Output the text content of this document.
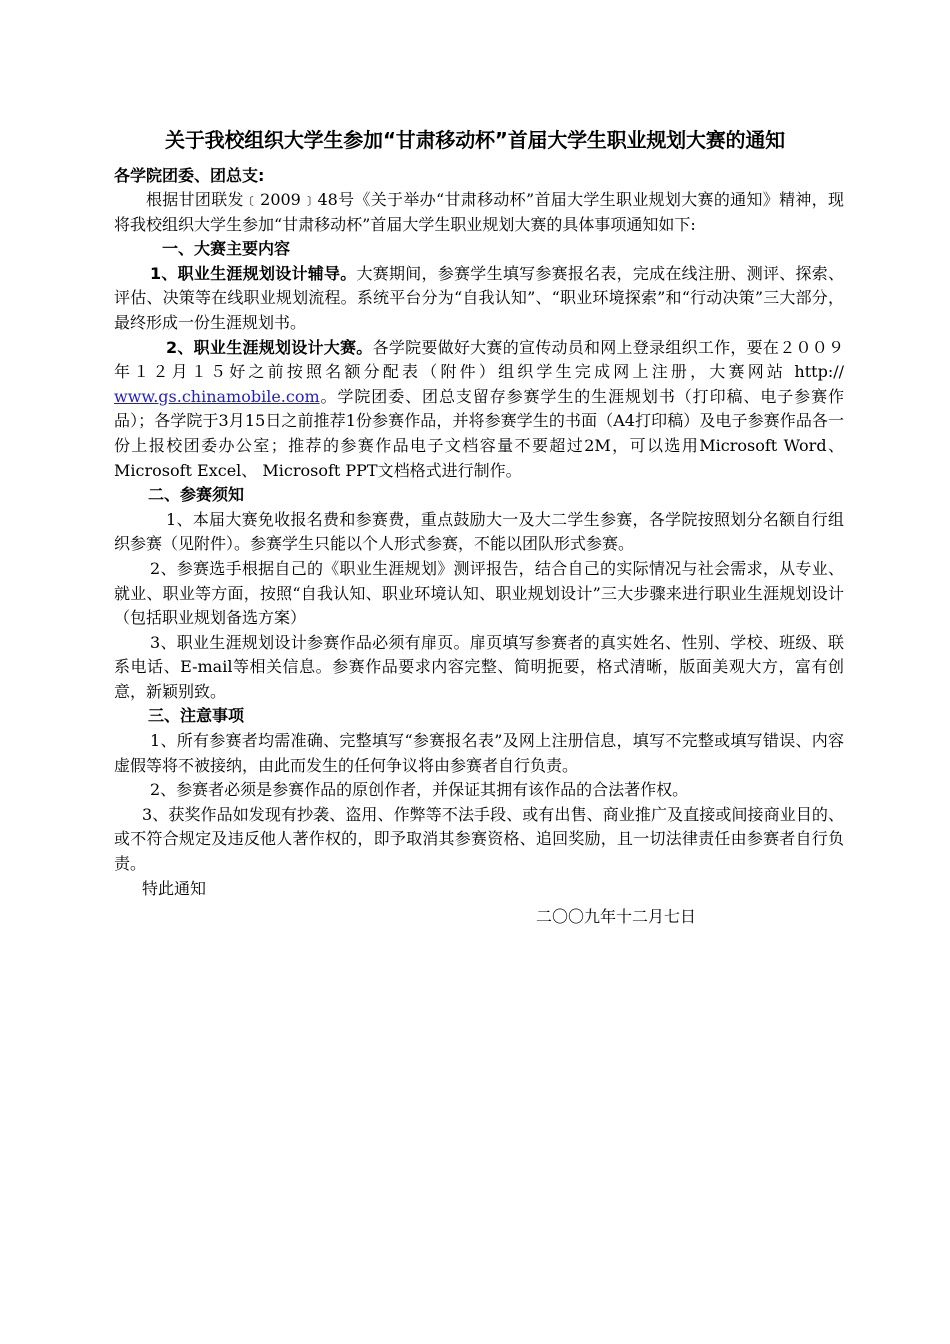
关于我校组织大学生参加“甘肃移动杯”首届大学生职业规划大赛的通知
各学院团委、团总支:

根据甘团联发﹝2009﹞48号《关于举办“甘肃移动杯”首届大学生职业规划大赛的通知》精神，现将我校组织大学生参加“甘肃移动杯”首届大学生职业规划大赛的具体事项通知如下:

一、大赛主要内容

1、职业生涯规划设计辅导。大赛期间，参赛学生填写参赛报名表，完成在线注册、测评、探索、评估、决策等在线职业规划流程。系统平台分为“自我认知”、“职业环境探索”和“行动决策”三大部分，最终形成一份生涯规划书。

2、职业生涯规划设计大赛。各学院要做好大赛的宣传动员和网上登录组织工作，要在２００９年１２月１５好之前按照名额分配表（附件）组织学生完成网上注册，大赛网站 http:// www.gs.chinamobile.com。学院团委、团总支留存参赛学生的生涯规划书（打印稿、电子参赛作品）；各学院于3月15日之前推荐1份参赛作品，并将参赛学生的书面（A4打印稿）及电子参赛作品各一份上报校团委办公室；推荐的参赛作品电子文档容量不要超过2M，可以选用Microsoft Word、 Microsoft Excel、 Microsoft PPT文档格式进行制作。

二、参赛须知

1、本届大赛免收报名费和参赛费，重点鼓励大一及大二学生参赛，各学院按照划分名额自行组织参赛（见附件）。参赛学生只能以个人形式参赛，不能以团队形式参赛。

2、参赛选手根据自己的《职业生涯规划》测评报告，结合自己的实际情况与社会需求，从专业、就业、职业等方面，按照“自我认知、职业环境认知、职业规划设计”三大步骤来进行职业生涯规划设计（包括职业规划备选方案）

3、职业生涯规划设计参赛作品必须有扉页。扉页填写参赛者的真实姓名、性别、学校、班级、联系电话、E-mail等相关信息。参赛作品要求内容完整、简明扼要，格式清晰，版面美观大方，富有创意，新颖别致。

三、注意事项

1、所有参赛者均需准确、完整填写“参赛报名表”及网上注册信息，填写不完整或填写错误、内容虚假等将不被接纳，由此而发生的任何争议将由参赛者自行负责。

2、参赛者必须是参赛作品的原创作者，并保证其拥有该作品的合法著作权。

3、获奖作品如发现有抄袭、盗用、作弊等不法手段、或有出售、商业推广及直接或间接商业目的、或不符合规定及违反他人著作权的，即予取消其参赛资格、追回奖励，且一切法律责任由参赛者自行负责。

特此通知

二〇〇九年十二月七日
